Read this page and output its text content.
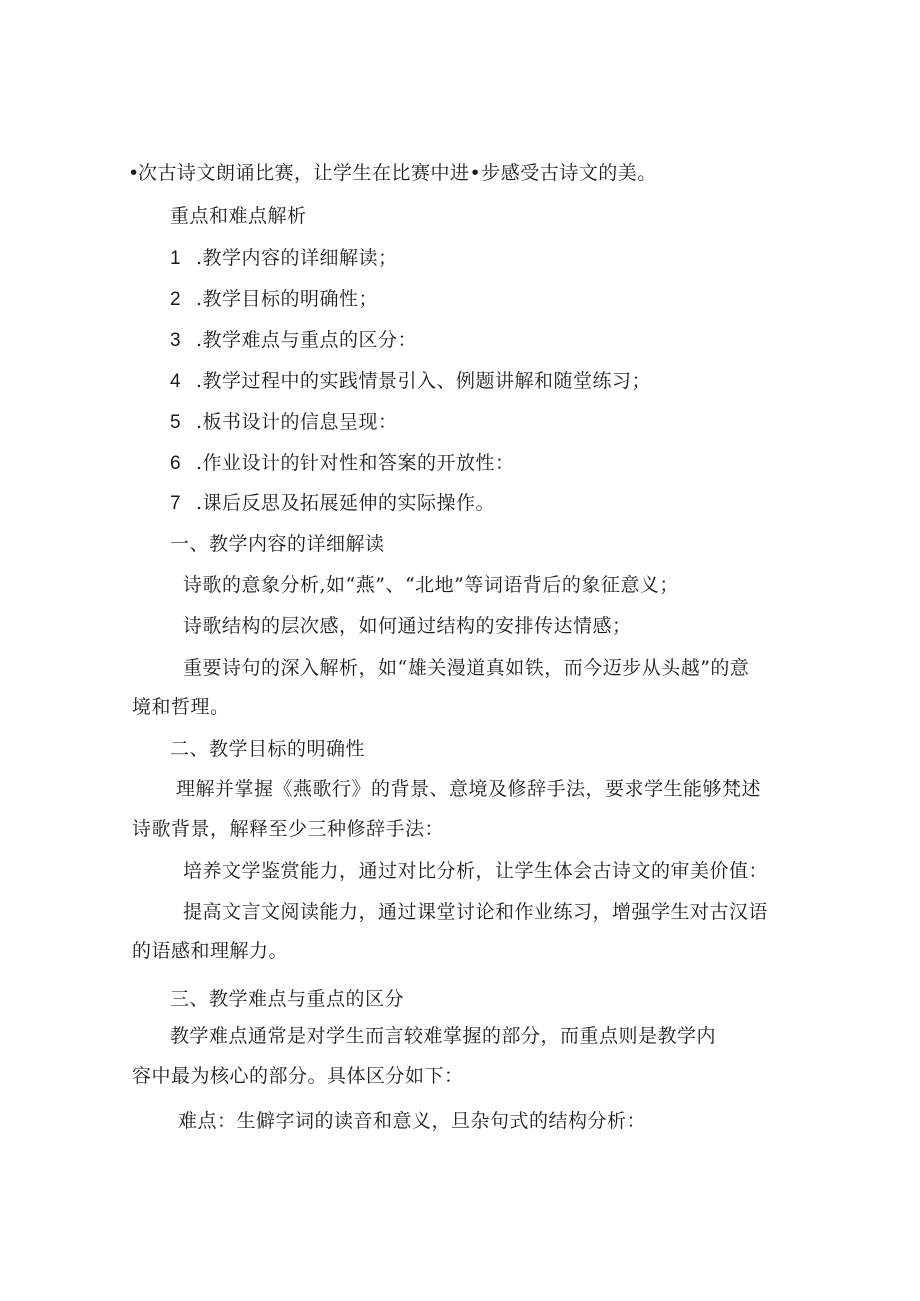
•次古诗文朗诵比赛，让学生在比赛中进•步感受古诗文的美。
重点和难点解析
1 .教学内容的详细解读；
2 .教学目标的明确性；
3 .教学难点与重点的区分：
4 .教学过程中的实践情景引入、例题讲解和随堂练习；
5 .板书设计的信息呈现：
6 .作业设计的针对性和答案的开放性：
7 .课后反思及拓展延伸的实际操作。
一、教学内容的详细解读
诗歌的意象分析,如“燕”、“北地”等词语背后的象征意义；
诗歌结构的层次感，如何通过结构的安排传达情感；
重要诗句的深入解析，如“雄关漫道真如铁，而今迈步从头越”的意
境和哲理。
二、教学目标的明确性
理解并掌握《燕歌行》的背景、意境及修辞手法，要求学生能够梵述
诗歌背景，解释至少三种修辞手法：
培养文学鉴赏能力，通过对比分析，让学生体会古诗文的审美价值：
提高文言文阅读能力，通过课堂讨论和作业练习，增强学生对古汉语
的语感和理解力。
三、教学难点与重点的区分
教学难点通常是对学生而言较难掌握的部分，而重点则是教学内
容中最为核心的部分。具体区分如下：
难点：生僻字词的读音和意义，旦杂句式的结构分析：
